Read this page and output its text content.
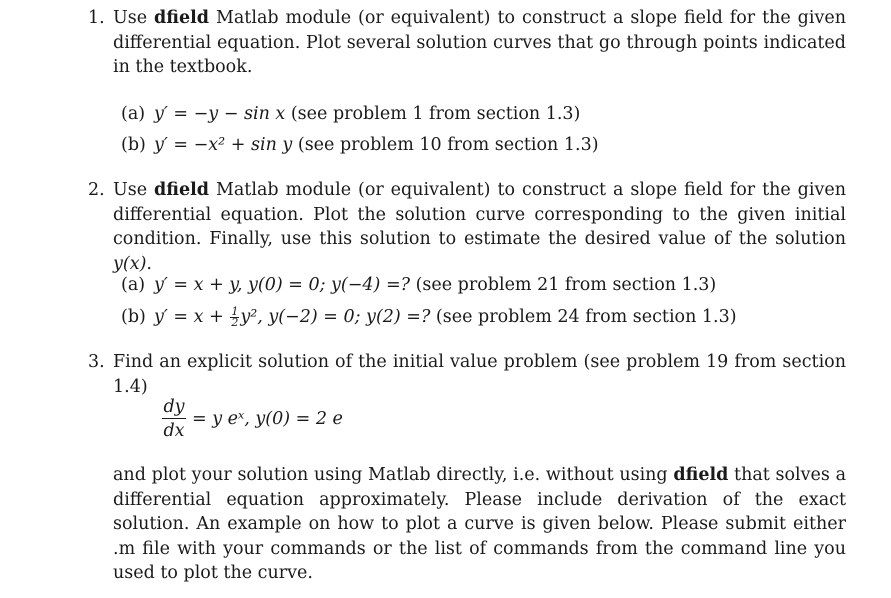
1. Use dfield Matlab module (or equivalent) to construct a slope field for the given differential equation. Plot several solution curves that go through points indicated in the textbook.
(a) y′ = −y − sin x (see problem 1 from section 1.3)
(b) y′ = −x² + sin y (see problem 10 from section 1.3)
2. Use dfield Matlab module (or equivalent) to construct a slope field for the given differential equation. Plot the solution curve corresponding to the given initial condition. Finally, use this solution to estimate the desired value of the solution y(x).
(a) y′ = x + y, y(0) = 0; y(−4) =? (see problem 21 from section 1.3)
(b) $y' = x + \frac{1}{2} y^2$, y(−2) = 0; y(2) =? (see problem 24 from section 1.3)
3. Find an explicit solution of the initial value problem (see problem 19 from section 1.4)
dy
dx
= y eˣ, y(0) = 2 e
and plot your solution using Matlab directly, i.e. without using dfield that solves a differential equation approximately. Please include derivation of the exact solution. An example on how to plot a curve is given below. Please submit either .m file with your commands or the list of commands from the command line you used to plot the curve.
